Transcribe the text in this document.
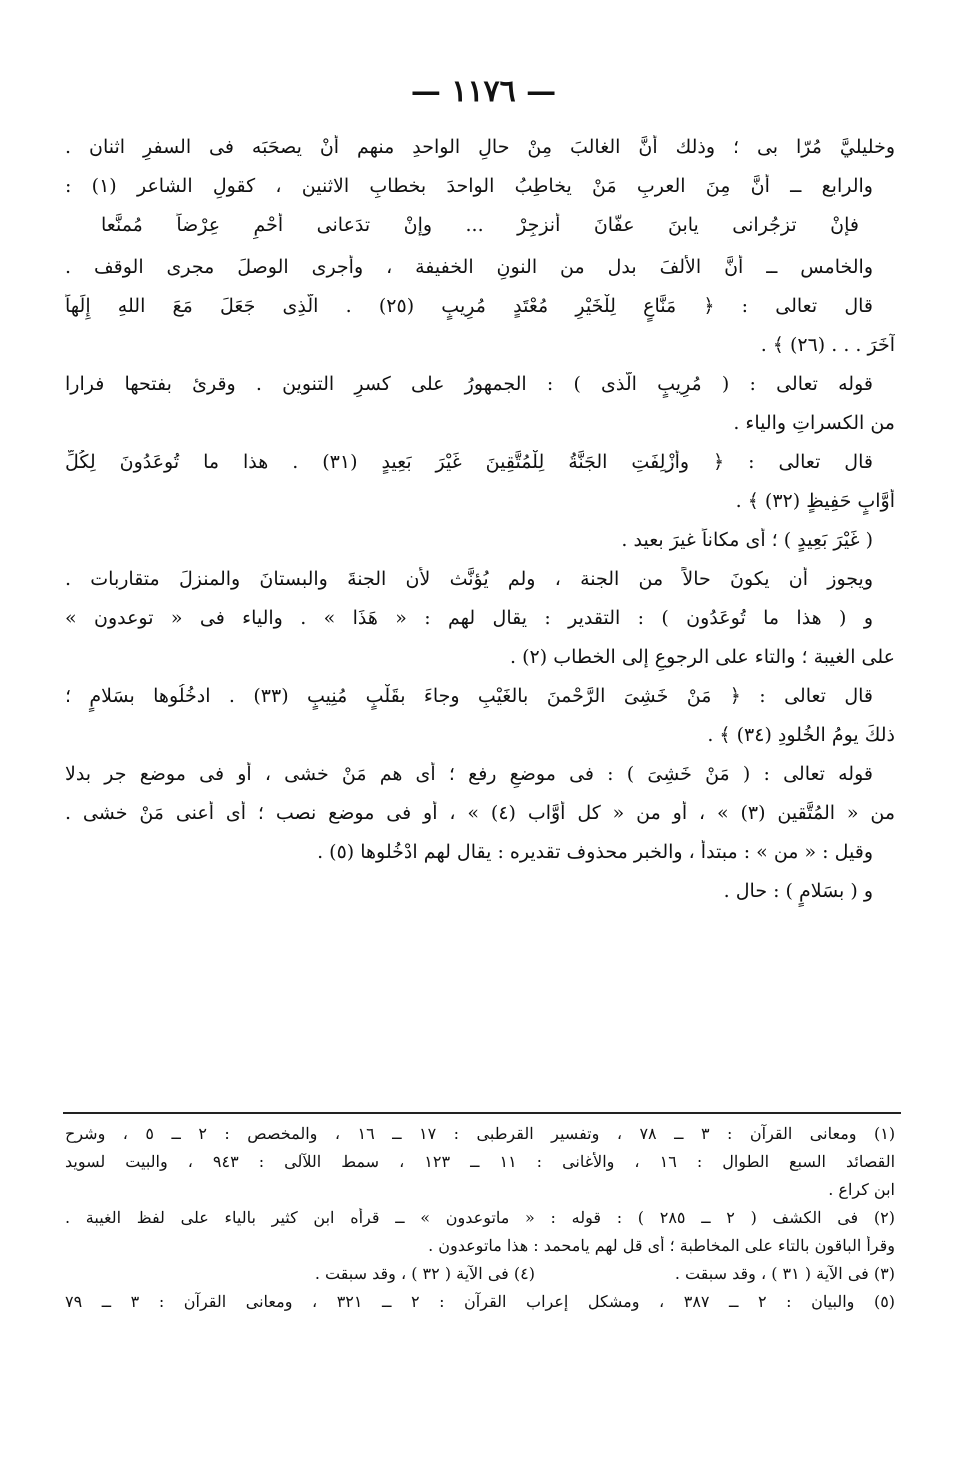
— ١١٧٦ —
وخليليَّ مُرّا بى ؛ وذلك أنَّ الغالبَ مِنْ حالِ الواحدِ منهم أنْ يصحَبَه فى السفرِ اثنان .
والرابع ــ أنَّ مِنَ العربِ مَنْ يخاطِبُ الواحدَ بخطابِ الاثنين ، كقولِ الشاعر (١) :
فإنْ تزجُرانى يابنَ عفّانَ أنزجِرْ ... وإنْ تدَعانى أحْمِ عِرْضاً مُمنَّعا
والخامس ــ أنَّ الألفَ بدل من النونِ الخفيفة ، وأجرى الوصلَ مجرى الوقف .
قال تعالى : ﴿ مَنَّاعٍ لِلْخَيْرِ مُعْتَدٍ مُرِيبٍ (٢٥) . الَّذِى جَعَلَ مَعَ اللهِ إِلَهاً
آخَرَ . . . (٢٦) ﴾ .
قوله تعالى : ( مُرِيبٍ الَّذى ) : الجمهورُ على كسرِ التنوين . وقرئ بفتحها فرارا
من الكسراتِ والياء .
قال تعالى : ﴿ وأُزْلِفَتِ الجَنَّةُ لِلْمُتَّقِينَ غَيْرَ بَعِيدٍ (٣١) . هذا ما تُوعَدُونَ لِكُلِّ
أَوَّابٍ حَفِيظٍ (٣٢) ﴾ .
( غَيْرَ بَعِيدٍ ) ؛ أى مكاناً غيرَ بعيد .
ويجوز أن يكونَ حالاً من الجنة ، ولم يُؤنَّث لأن الجنةَ والبستانَ والمنزلَ متقاربات .
و ( هذا ما تُوعَدُون ) : التقدير : يقال لهم : « هَذَا » . والياء فى « توعدون »
على الغيبة ؛ والتاء على الرجوعِ إلى الخطاب (٢) .
قال تعالى : ﴿ مَنْ خَشِىَ الرَّحْمنَ بالغَيْبِ وجاءَ بقَلْبٍ مُنِيبٍ (٣٣) . ادخُلُوها بسَلامٍ ؛
ذلكَ يومُ الخُلودِ (٣٤) ﴾ .
قوله تعالى : ( مَنْ خَشِىَ ) : فى موضعِ رفع ؛ أى هم مَنْ خشى ، أو فى موضع جر بدلا
من « المُتَّقين (٣) » ، أو من « كل أوَّاب (٤) » ، أو فى موضع نصب ؛ أى أعنى مَنْ خشى .
وقيل : « من » : مبتدأ ، والخبر محذوف تقديره : يقال لهم ادْخُلوها (٥) .
و ( بسَلامٍ ) : حال .
(١) ومعانى القرآن : ٣ ــ ٧٨ ، وتفسير القرطبى : ١٧ ــ ١٦ ، والمخصص : ٢ ــ ٥ ، وشرح
القصائد السبع الطوال : ١٦ ، والأغانى : ١١ ــ ١٢٣ ، سمط اللآلى : ٩٤٣ ، والبيت لسويد
ابن كراع .
(٢) فى الكشف ( ٢ ــ ٢٨٥ ) : قوله : « ماتوعدون » ــ قرأه ابن كثير بالياء على لفظ الغيبة .
وقرأ الباقون بالتاء على المخاطبة ؛ أى قل لهم يامحمد : هذا ماتوعدون .
(٣) فى الآية ( ٣١ ) ، وقد سبقت .
(٤) فى الآية ( ٣٢ ) ، وقد سبقت .
(٥) والبيان : ٢ ــ ٣٨٧ ، ومشكل إعراب القرآن : ٢ ــ ٣٢١ ، ومعانى القرآن : ٣ ــ ٧٩
